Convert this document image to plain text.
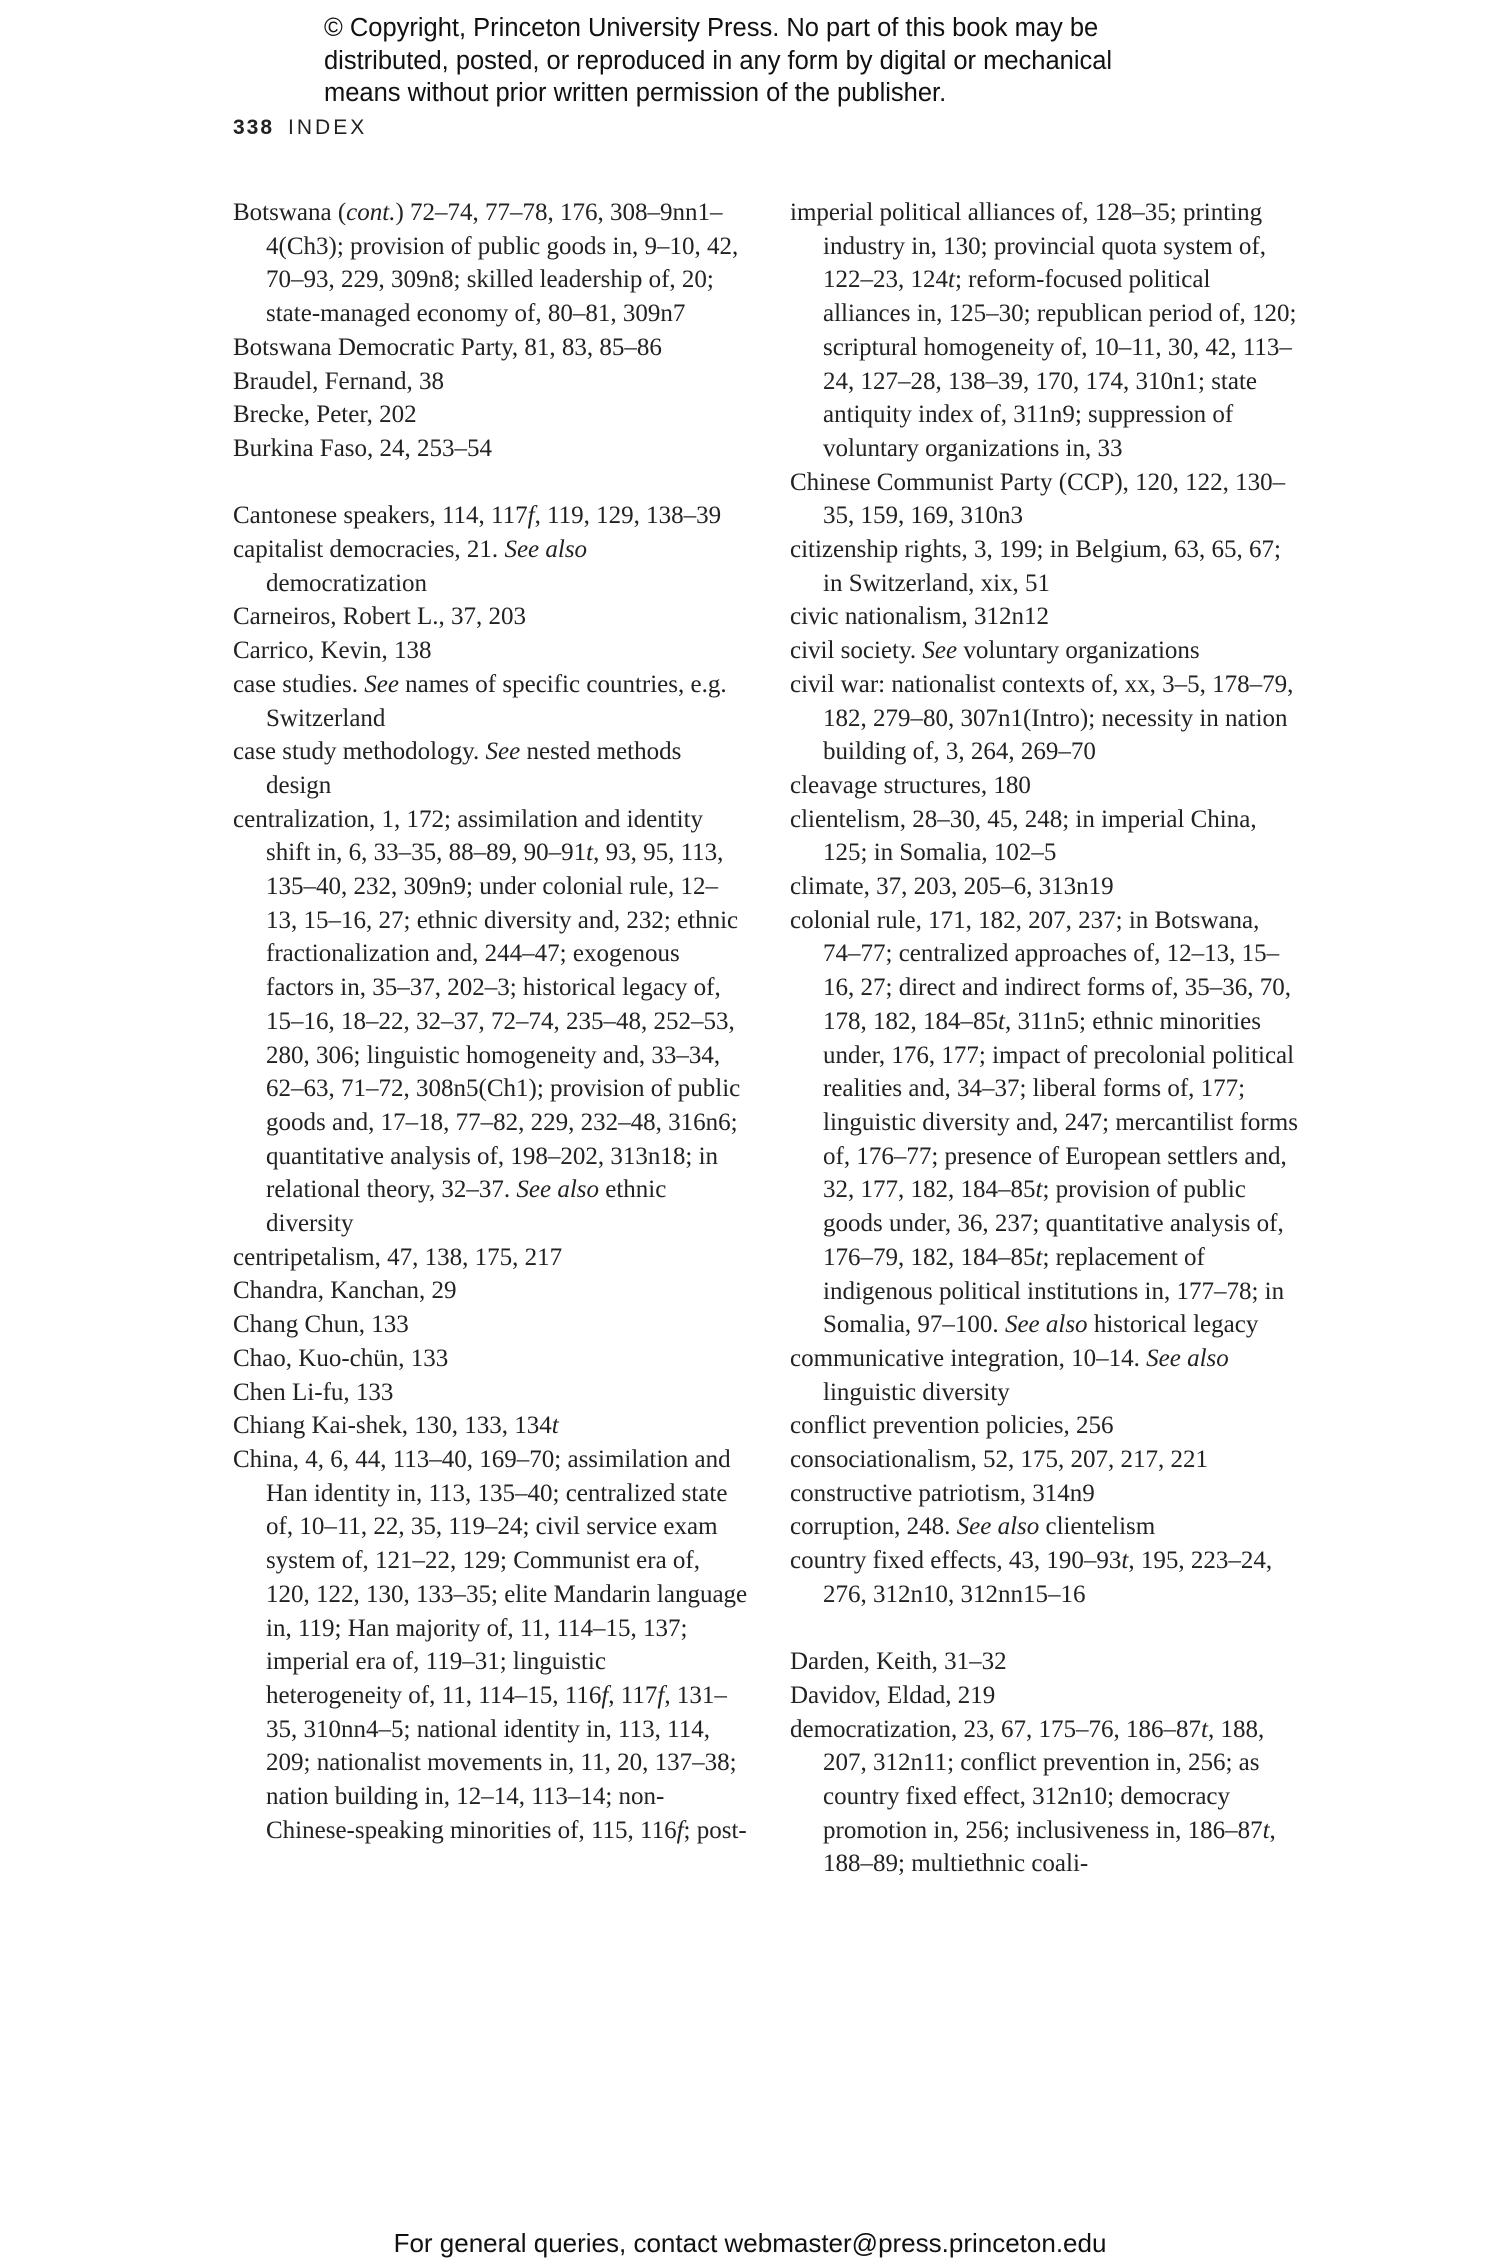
© Copyright, Princeton University Press. No part of this book may be
distributed, posted, or reproduced in any form by digital or mechanical
means without prior written permission of the publisher.
338 INDEX
Botswana (cont.) 72–74, 77–78, 176, 308–9nn1–4(Ch3); provision of public goods in, 9–10, 42, 70–93, 229, 309n8; skilled leadership of, 20; state-managed economy of, 80–81, 309n7
Botswana Democratic Party, 81, 83, 85–86
Braudel, Fernand, 38
Brecke, Peter, 202
Burkina Faso, 24, 253–54
Cantonese speakers, 114, 117f, 119, 129, 138–39
capitalist democracies, 21. See also democratization
Carneiros, Robert L., 37, 203
Carrico, Kevin, 138
case studies. See names of specific countries, e.g. Switzerland
case study methodology. See nested methods design
centralization, 1, 172; assimilation and identity shift in, 6, 33–35, 88–89, 90–91t, 93, 95, 113, 135–40, 232, 309n9; under colonial rule, 12–13, 15–16, 27; ethnic diversity and, 232; ethnic fractionalization and, 244–47; exogenous factors in, 35–37, 202–3; historical legacy of, 15–16, 18–22, 32–37, 72–74, 235–48, 252–53, 280, 306; linguistic homogeneity and, 33–34, 62–63, 71–72, 308n5(Ch1); provision of public goods and, 17–18, 77–82, 229, 232–48, 316n6; quantitative analysis of, 198–202, 313n18; in relational theory, 32–37. See also ethnic diversity
centripetalism, 47, 138, 175, 217
Chandra, Kanchan, 29
Chang Chun, 133
Chao, Kuo-chün, 133
Chen Li-fu, 133
Chiang Kai-shek, 130, 133, 134t
China, 4, 6, 44, 113–40, 169–70; assimilation and Han identity in, 113, 135–40; centralized state of, 10–11, 22, 35, 119–24; civil service exam system of, 121–22, 129; Communist era of, 120, 122, 130, 133–35; elite Mandarin language in, 119; Han majority of, 11, 114–15, 137; imperial era of, 119–31; linguistic heterogeneity of, 11, 114–15, 116f, 117f, 131–35, 310nn4–5; national identity in, 113, 114, 209; nationalist movements in, 11, 20, 137–38; nation building in, 12–14, 113–14; non-Chinese-speaking minorities of, 115, 116f; post-
imperial political alliances of, 128–35; printing industry in, 130; provincial quota system of, 122–23, 124t; reform-focused political alliances in, 125–30; republican period of, 120; scriptural homogeneity of, 10–11, 30, 42, 113–24, 127–28, 138–39, 170, 174, 310n1; state antiquity index of, 311n9; suppression of voluntary organizations in, 33
Chinese Communist Party (CCP), 120, 122, 130–35, 159, 169, 310n3
citizenship rights, 3, 199; in Belgium, 63, 65, 67; in Switzerland, xix, 51
civic nationalism, 312n12
civil society. See voluntary organizations
civil war: nationalist contexts of, xx, 3–5, 178–79, 182, 279–80, 307n1(Intro); necessity in nation building of, 3, 264, 269–70
cleavage structures, 180
clientelism, 28–30, 45, 248; in imperial China, 125; in Somalia, 102–5
climate, 37, 203, 205–6, 313n19
colonial rule, 171, 182, 207, 237; in Botswana, 74–77; centralized approaches of, 12–13, 15–16, 27; direct and indirect forms of, 35–36, 70, 178, 182, 184–85t, 311n5; ethnic minorities under, 176, 177; impact of precolonial political realities and, 34–37; liberal forms of, 177; linguistic diversity and, 247; mercantilist forms of, 176–77; presence of European settlers and, 32, 177, 182, 184–85t; provision of public goods under, 36, 237; quantitative analysis of, 176–79, 182, 184–85t; replacement of indigenous political institutions in, 177–78; in Somalia, 97–100. See also historical legacy
communicative integration, 10–14. See also linguistic diversity
conflict prevention policies, 256
consociationalism, 52, 175, 207, 217, 221
constructive patriotism, 314n9
corruption, 248. See also clientelism
country fixed effects, 43, 190–93t, 195, 223–24, 276, 312n10, 312nn15–16
Darden, Keith, 31–32
Davidov, Eldad, 219
democratization, 23, 67, 175–76, 186–87t, 188, 207, 312n11; conflict prevention in, 256; as country fixed effect, 312n10; democracy promotion in, 256; inclusiveness in, 186–87t, 188–89; multiethnic coali-
For general queries, contact webmaster@press.princeton.edu
